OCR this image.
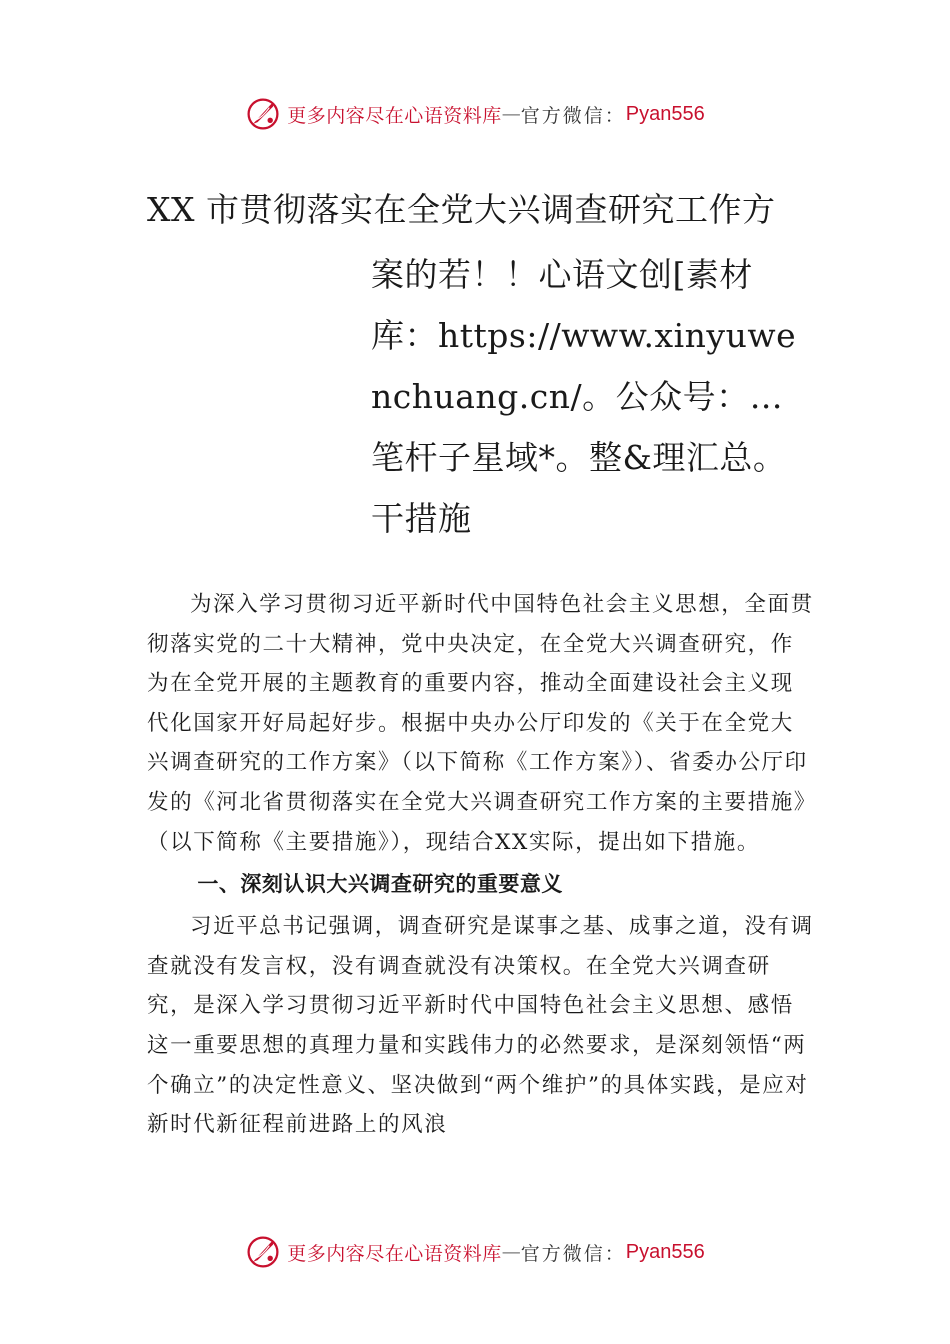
更多内容尽在心语资料库 — 官方微信： Pyan556
XX 市贯彻落实在全党大兴调查研究工作方
案的若！！心语文创[素材库：https://www.xinyuwenchuang.cn/。公众号：…笔杆子星域*。整&理汇总。干措施

为深入学习贯彻习近平新时代中国特色社会主义思想，全面贯彻落实党的二十大精神，党中央决定，在全党大兴调查研究，作为在全党开展的主题教育的重要内容，推动全面建设社会主义现代化国家开好局起好步。根据中央办公厅印发的《关于在全党大兴调查研究的工作方案》（以下简称《工作方案》）、省委办公厅印发的《河北省贯彻落实在全党大兴调查研究工作方案的主要措施》（以下简称《主要措施》），现结合XX实际，提出如下措施。

一、深刻认识大兴调查研究的重要意义

习近平总书记强调，调查研究是谋事之基、成事之道，没有调查就没有发言权，没有调查就没有决策权。在全党大兴调查研究，是深入学习贯彻习近平新时代中国特色社会主义思想、感悟这一重要思想的真理力量和实践伟力的必然要求，是深刻领悟“两个确立”的决定性意义、坚决做到“两个维护”的具体实践，是应对新时代新征程前进路上的风浪

更多内容尽在心语资料库 — 官方微信： Pyan556
